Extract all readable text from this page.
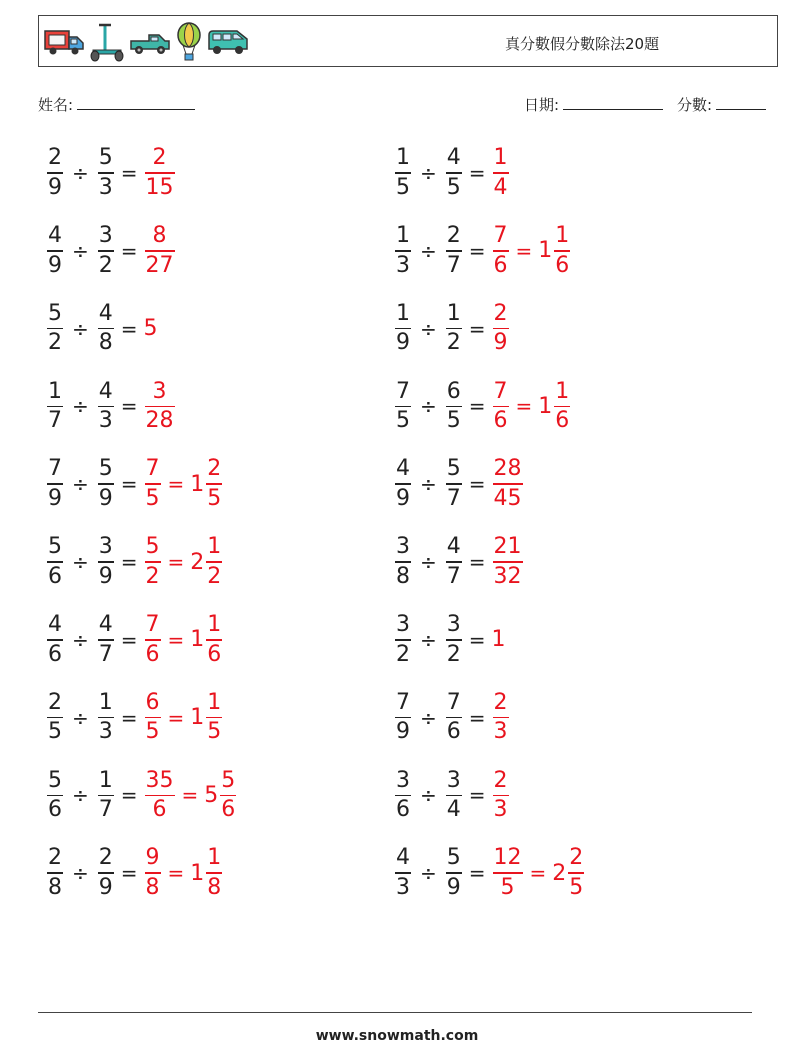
真分數假分數除法20題
姓名:	日期:	分數:
$\frac{2}{9} \div \frac{5}{3} = \frac{2}{15}$	$\frac{1}{5} \div \frac{4}{5} = \frac{1}{4}$
$\frac{4}{9} \div \frac{3}{2} = \frac{8}{27}$	$\frac{1}{3} \div \frac{2}{7} = \frac{7}{6} = 1 \frac{1}{6}$
$\frac{5}{2} \div \frac{4}{8} = 5$	$\frac{1}{9} \div \frac{1}{2} = \frac{2}{9}$
$\frac{1}{7} \div \frac{4}{3} = \frac{3}{28}$	$\frac{7}{5} \div \frac{6}{5} = \frac{7}{6} = 1 \frac{1}{6}$
$\frac{7}{9} \div \frac{5}{9} = \frac{7}{5} = 1 \frac{2}{5}$	$\frac{4}{9} \div \frac{5}{7} = \frac{28}{45}$
$\frac{5}{6} \div \frac{3}{9} = \frac{5}{2} = 2 \frac{1}{2}$	$\frac{3}{8} \div \frac{4}{7} = \frac{21}{32}$
$\frac{4}{6} \div \frac{4}{7} = \frac{7}{6} = 1 \frac{1}{6}$	$\frac{3}{2} \div \frac{3}{2} = 1$
$\frac{2}{5} \div \frac{1}{3} = \frac{6}{5} = 1 \frac{1}{5}$	$\frac{7}{9} \div \frac{7}{6} = \frac{2}{3}$
$\frac{5}{6} \div \frac{1}{7} = \frac{35}{6} = 5 \frac{5}{6}$	$\frac{3}{6} \div \frac{3}{4} = \frac{2}{3}$
$\frac{2}{8} \div \frac{2}{9} = \frac{9}{8} = 1 \frac{1}{8}$	$\frac{4}{3} \div \frac{5}{9} = \frac{12}{5} = 2 \frac{2}{5}$
www.snowmath.com
